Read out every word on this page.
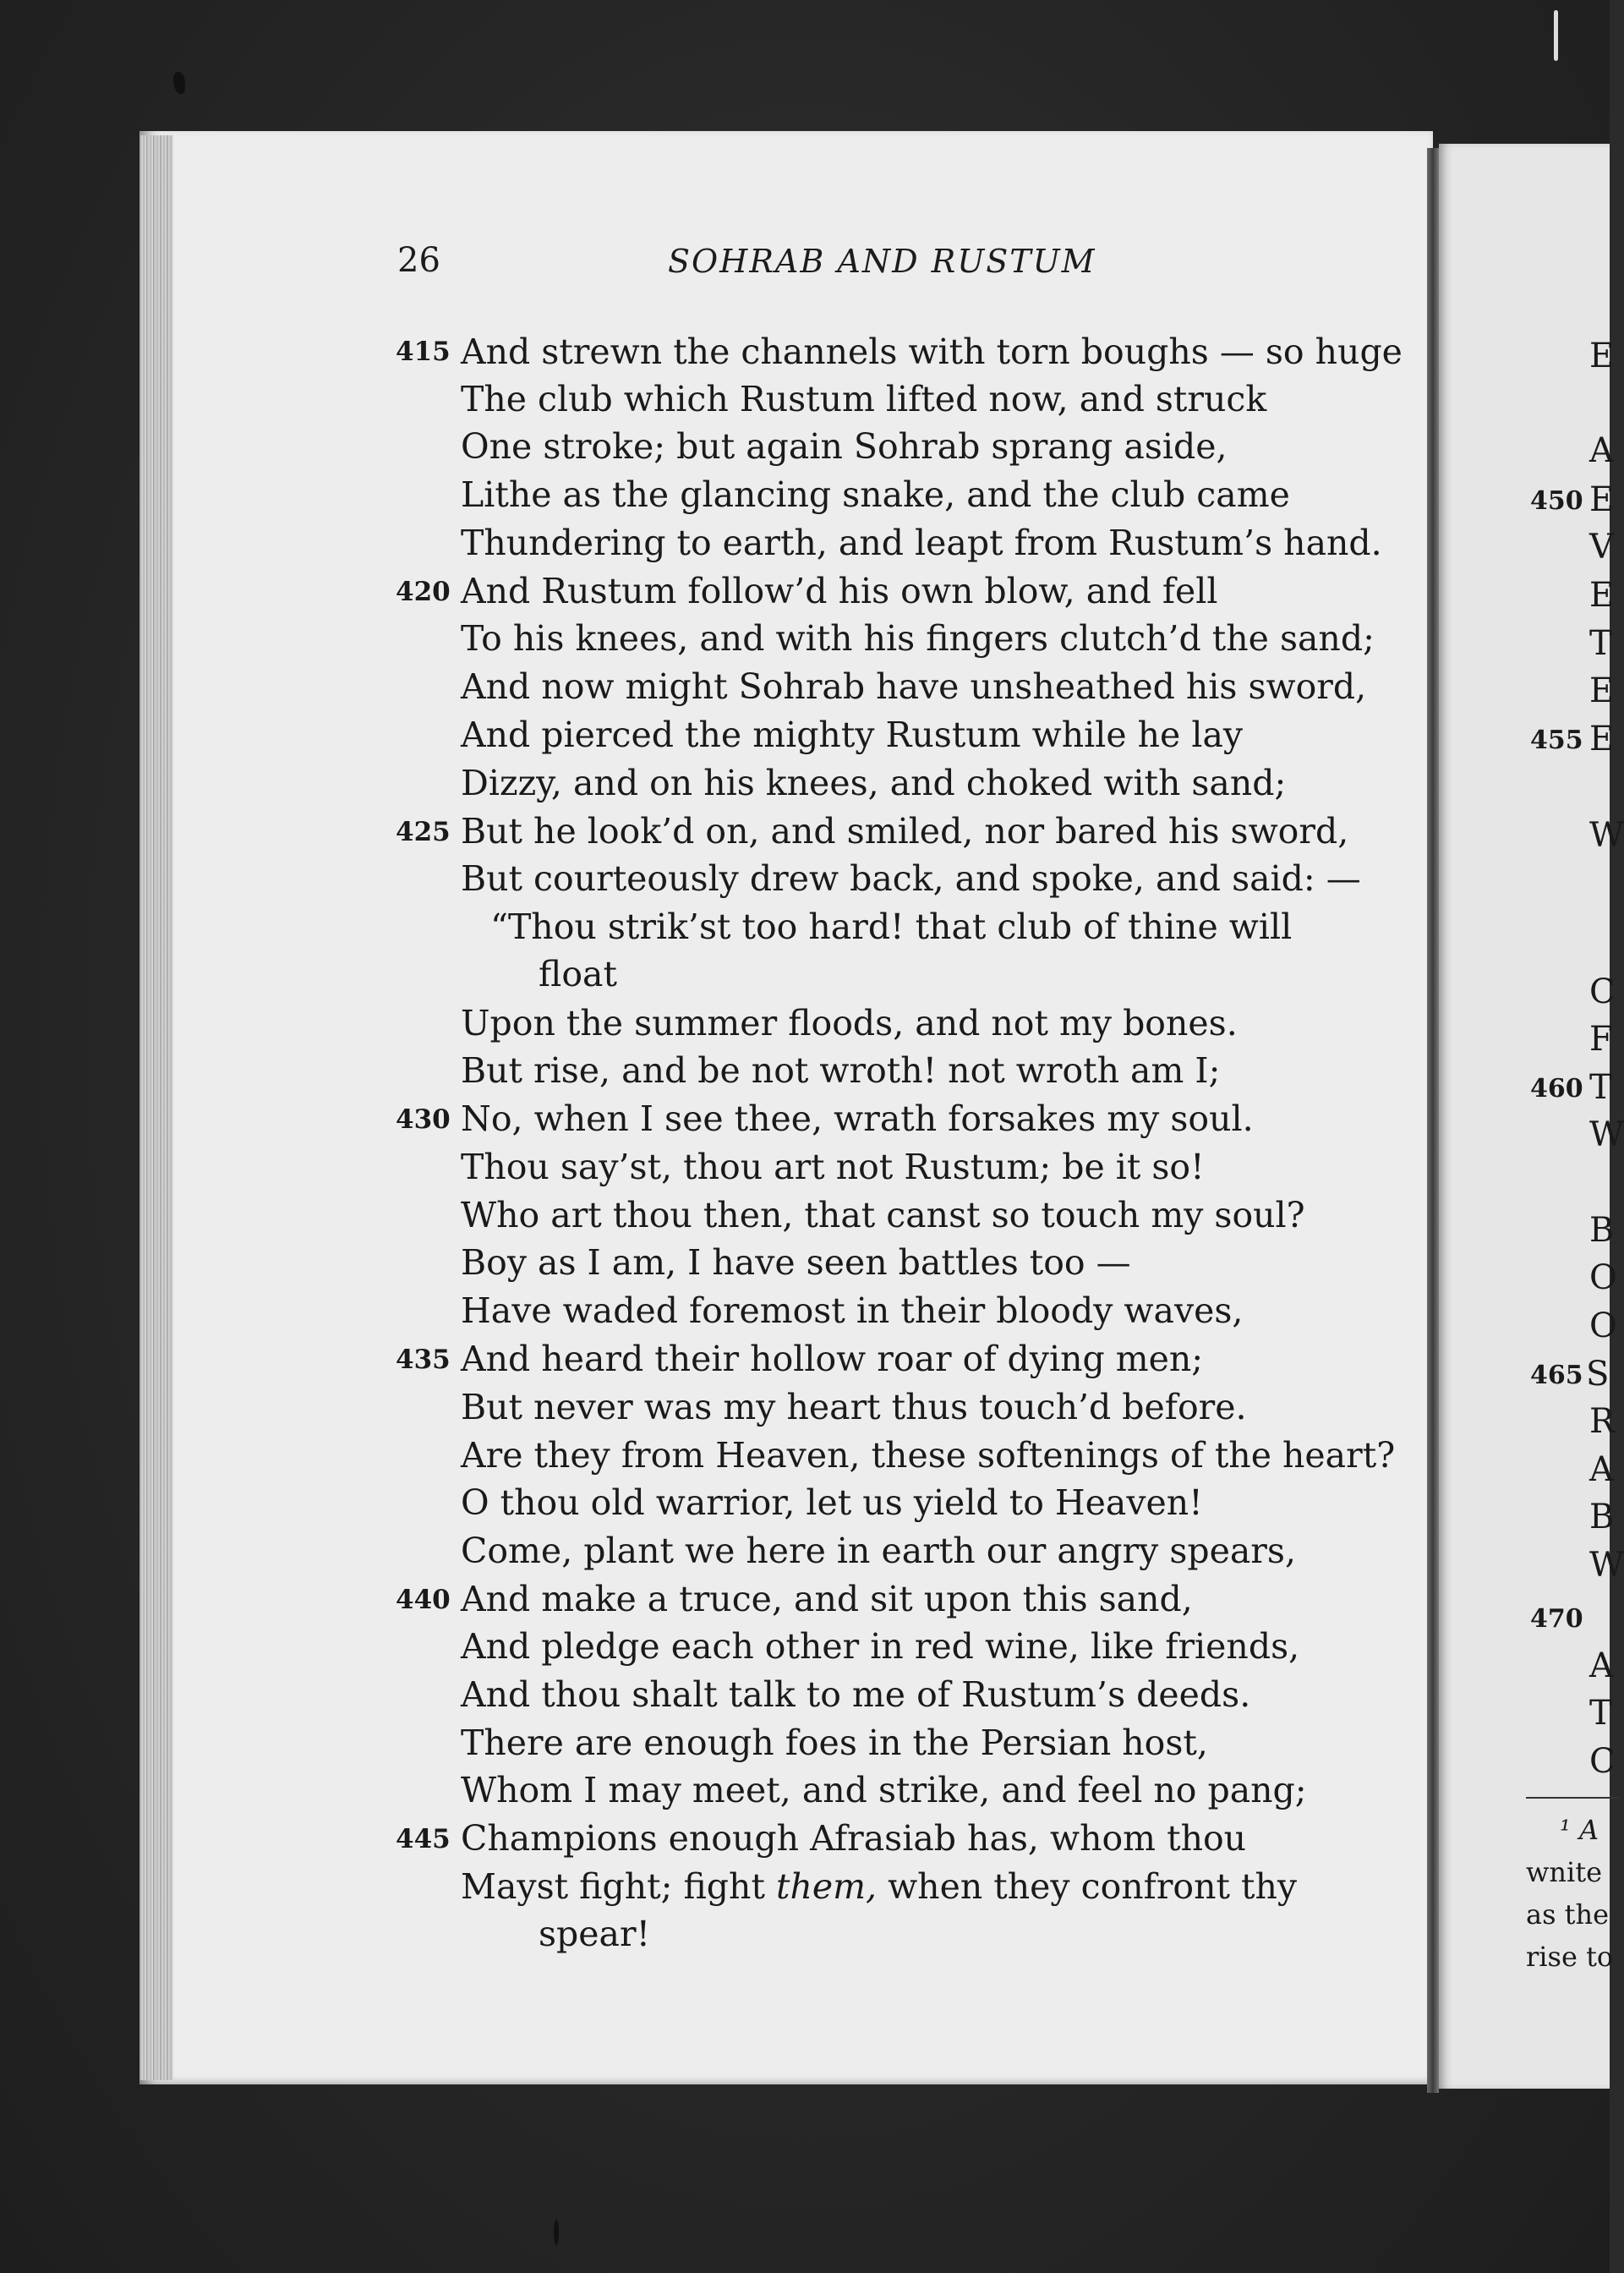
26	SOHRAB AND RUSTUM
415 And strewn the channels with torn boughs — so huge
The club which Rustum lifted now, and struck
One stroke; but again Sohrab sprang aside,
Lithe as the glancing snake, and the club came
Thundering to earth, and leapt from Rustum’s hand.
420 And Rustum follow’d his own blow, and fell
To his knees, and with his fingers clutch’d the sand;
And now might Sohrab have unsheathed his sword,
And pierced the mighty Rustum while he lay
Dizzy, and on his knees, and choked with sand;
425 But he look’d on, and smiled, nor bared his sword,
But courteously drew back, and spoke, and said: —
“Thou strik’st too hard! that club of thine will
float
Upon the summer floods, and not my bones.
But rise, and be not wroth! not wroth am I;
430 No, when I see thee, wrath forsakes my soul.
Thou say’st, thou art not Rustum; be it so!
Who art thou then, that canst so touch my soul?
Boy as I am, I have seen battles too —
Have waded foremost in their bloody waves,
435 And heard their hollow roar of dying men;
But never was my heart thus touch’d before.
Are they from Heaven, these softenings of the heart?
O thou old warrior, let us yield to Heaven!
Come, plant we here in earth our angry spears,
440 And make a truce, and sit upon this sand,
And pledge each other in red wine, like friends,
And thou shalt talk to me of Rustum’s deeds.
There are enough foes in the Persian host,
Whom I may meet, and strike, and feel no pang;
445 Champions enough Afrasiab has, whom thou
Mayst fight; fight them, when they confront thy
spear!
E
A
450 E
V
E
T
E
455 E
W
C
F
460 T
W
B
O
O
465 S
R
A
B
W
470
A
T
C
¹ A
wnite
as the
rise to
